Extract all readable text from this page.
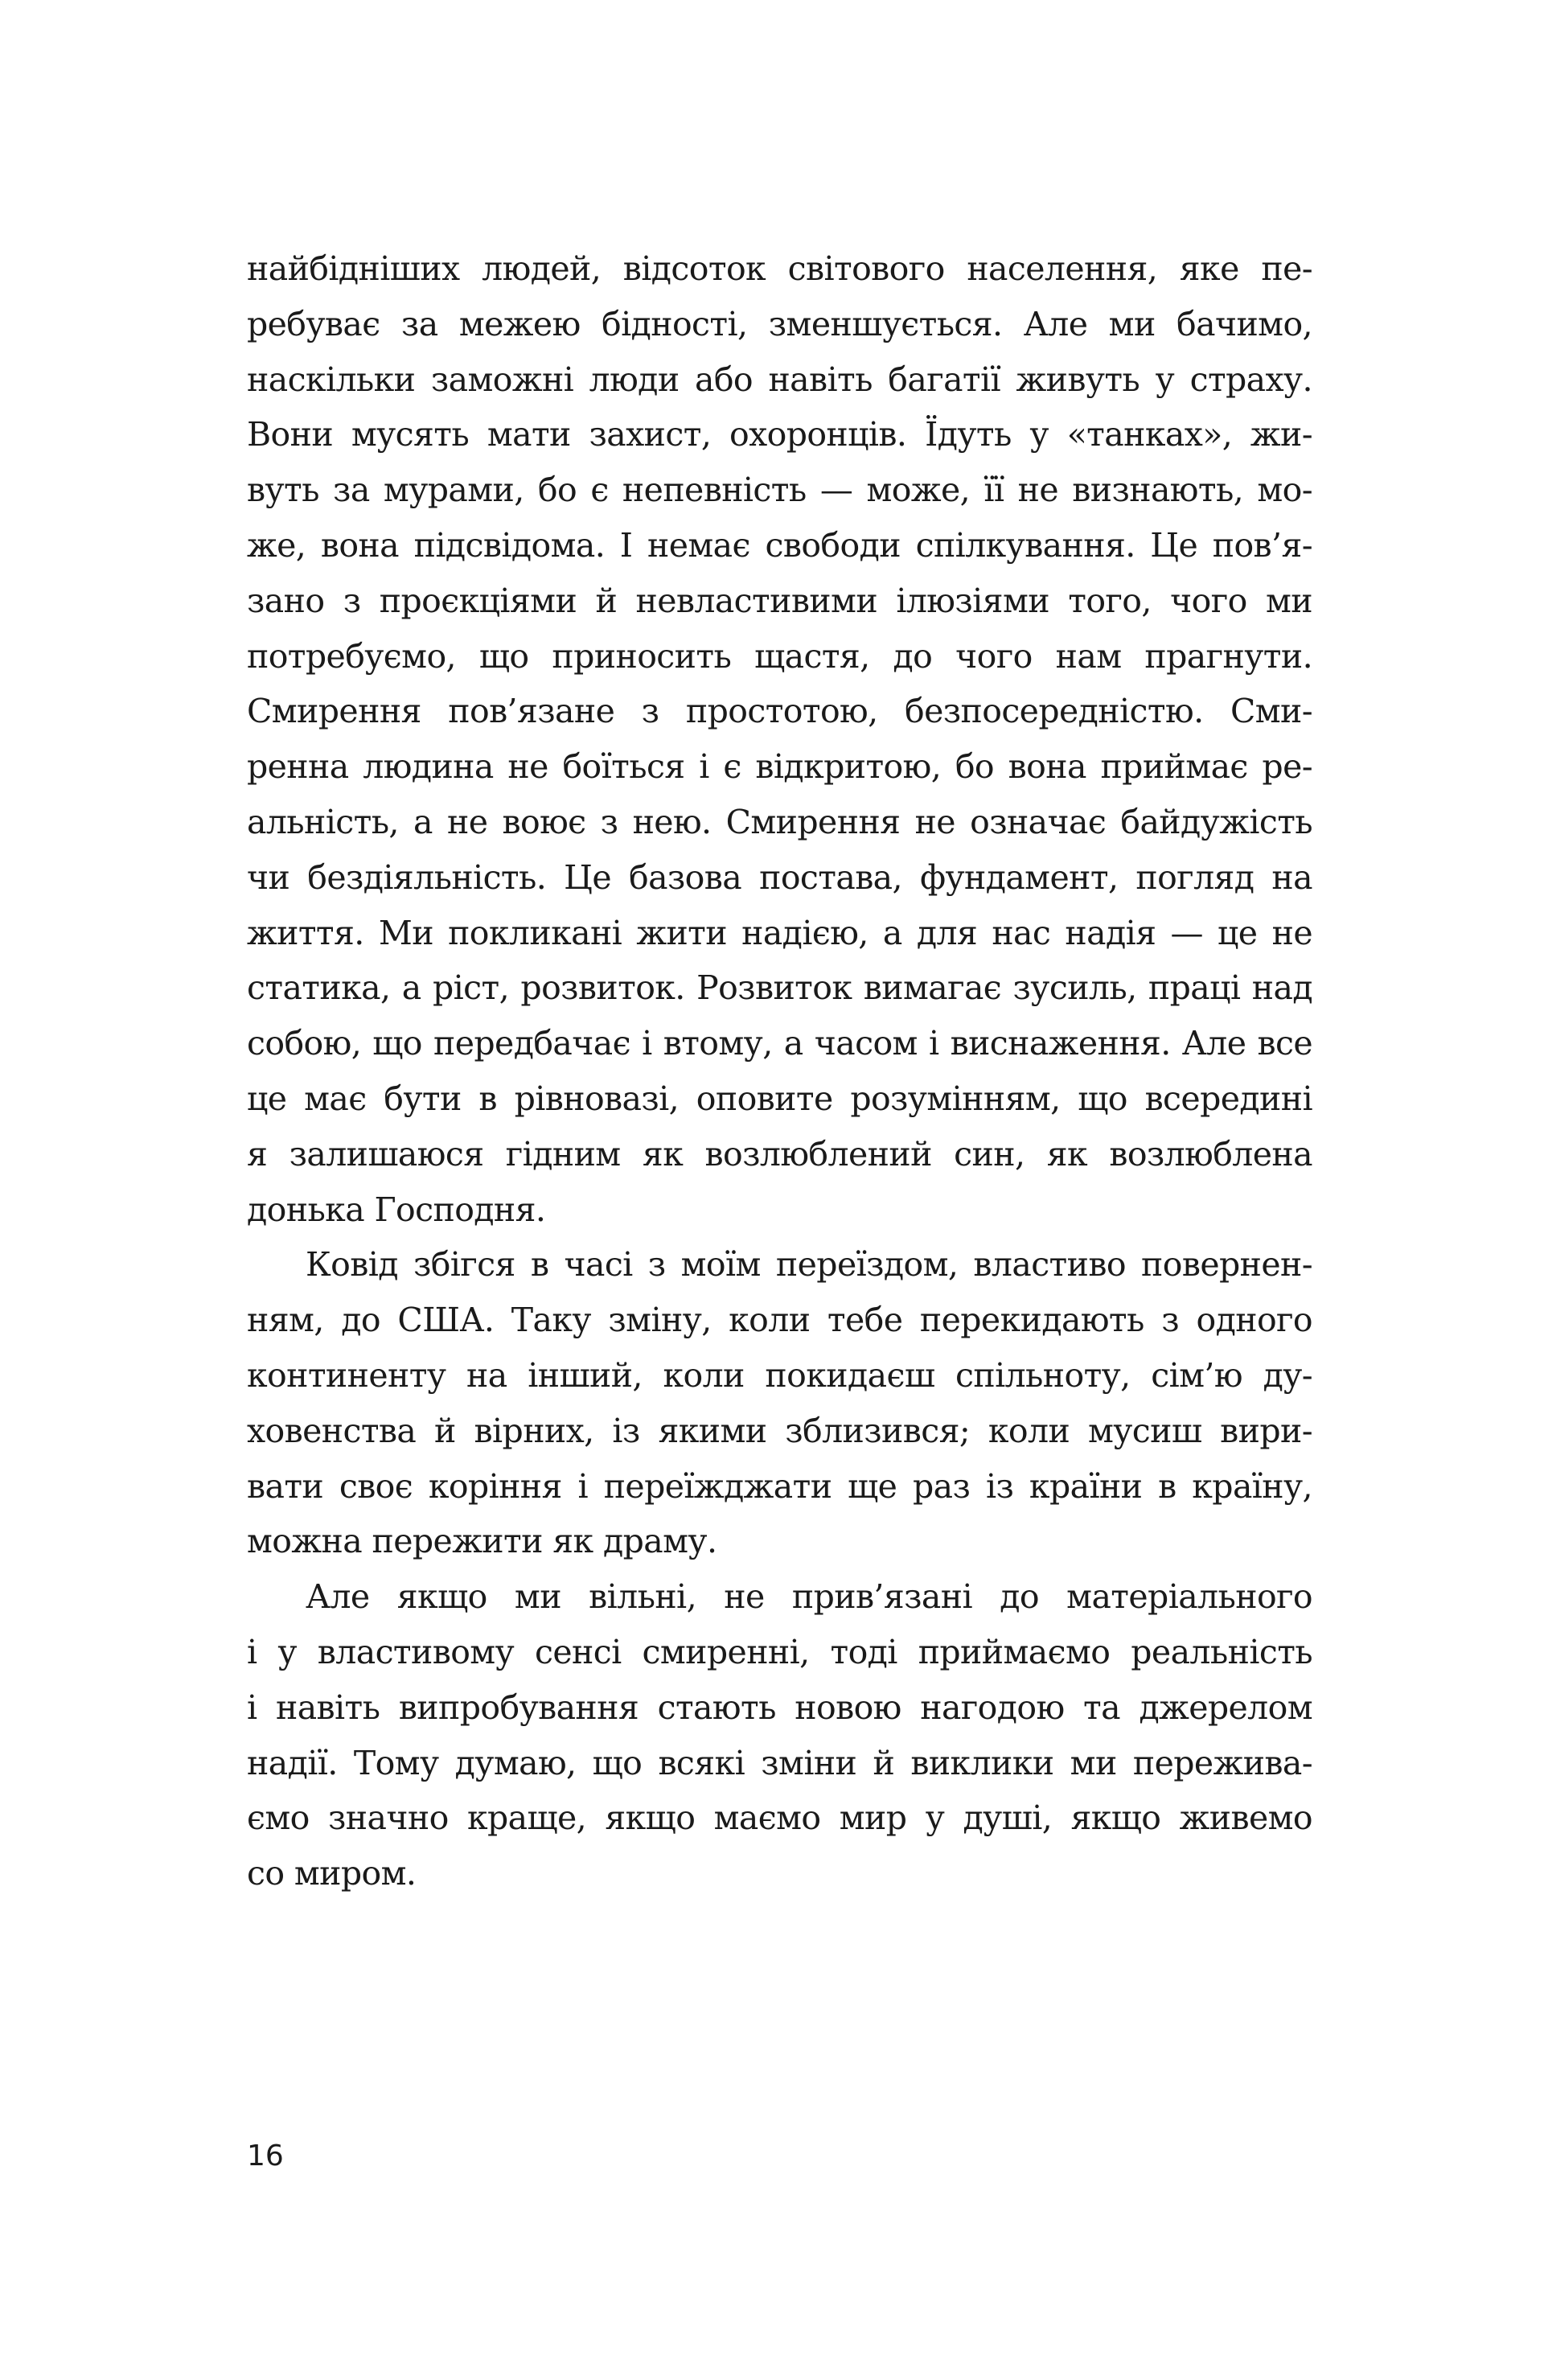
найбідніших людей, відсоток світового населення, яке пе-
ребуває за межею бідності, зменшується. Але ми бачимо,
наскільки заможні люди або навіть багатії живуть у страху.
Вони мусять мати захист, охоронців. Їдуть у «танках», жи-
вуть за мурами, бо є непевність — може, її не визнають, мо-
же, вона підсвідома. І немає свободи спілкування. Це пов’я-
зано з проєкціями й невластивими ілюзіями того, чого ми
потребуємо, що приносить щастя, до чого нам прагнути.
Смирення пов’язане з простотою, безпосередністю. Сми-
ренна людина не боїться і є відкритою, бо вона приймає ре-
альність, а не воює з нею. Смирення не означає байдужість
чи бездіяльність. Це базова постава, фундамент, погляд на
життя. Ми покликані жити надією, а для нас надія — це не
статика, а ріст, розвиток. Розвиток вимагає зусиль, праці над
собою, що передбачає і втому, а часом і виснаження. Але все
це має бути в рівновазі, оповите розумінням, що всередині
я залишаюся гідним як возлюблений син, як возлюблена
донька Господня.
Ковід збігся в часі з моїм переїздом, властиво повернен-
ням, до США. Таку зміну, коли тебе перекидають з одного
континенту на інший, коли покидаєш спільноту, сім’ю ду-
ховенства й вірних, із якими зблизився; коли мусиш вири-
вати своє коріння і переїжджати ще раз із країни в країну,
можна пережити як драму.
Але якщо ми вільні, не прив’язані до матеріального
і у властивому сенсі смиренні, тоді приймаємо реальність
і навіть випробування стають новою нагодою та джерелом
надії. Тому думаю, що всякі зміни й виклики ми пережива-
ємо значно краще, якщо маємо мир у душі, якщо живемо
со миром.
16
